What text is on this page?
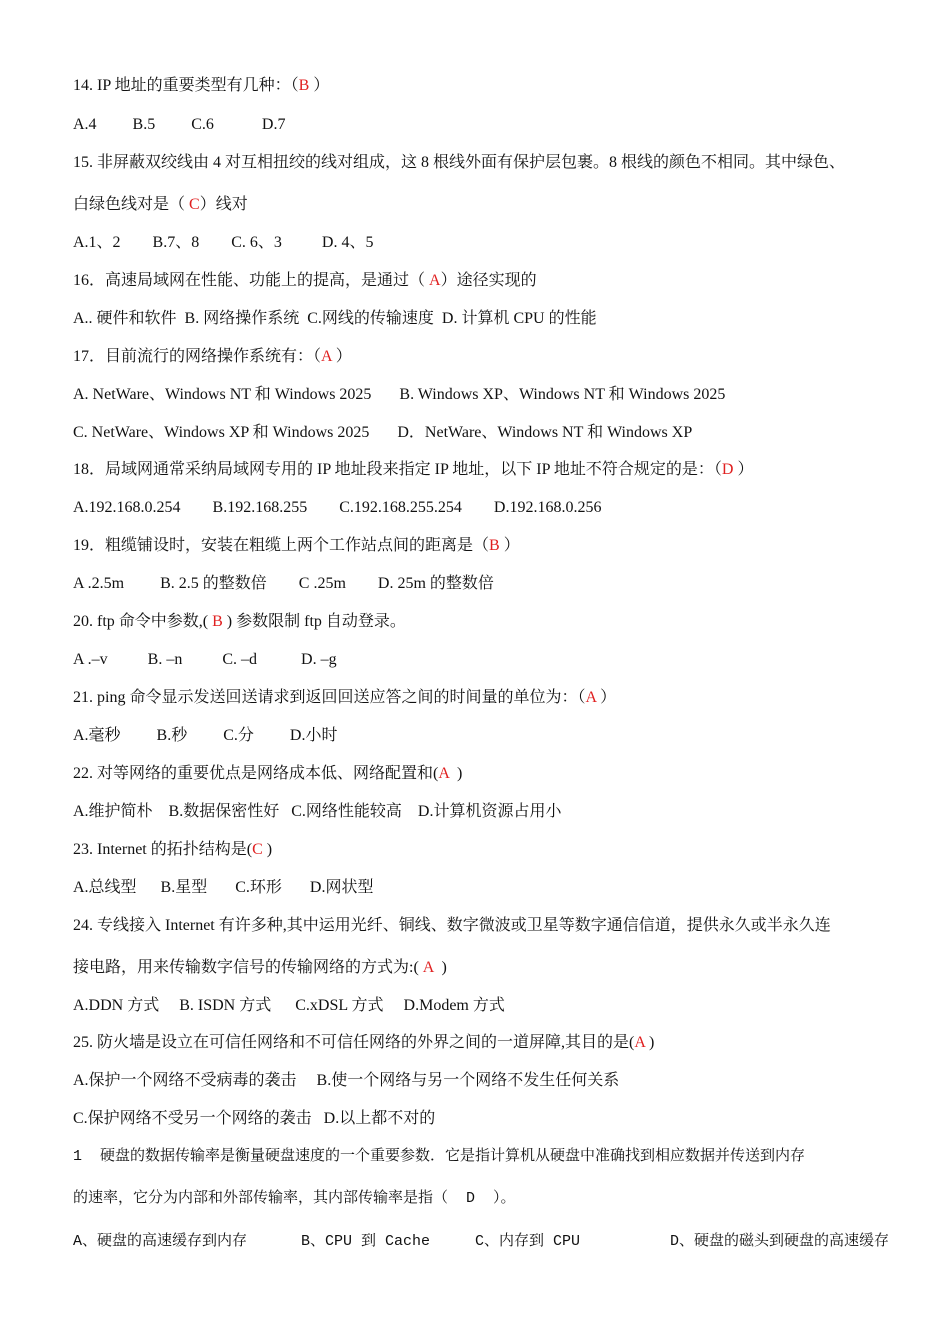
14. IP 地址的重要类型有几种：（B ）
A.4         B.5         C.6            D.7
15. 非屏蔽双绞线由 4 对互相扭绞的线对组成，这 8 根线外面有保护层包裹。8 根线的颜色不相同。其中绿色、
白绿色线对是（ C）线对
A.1、2        B.7、8        C. 6、3          D. 4、5
16．高速局域网在性能、功能上的提高，是通过（ A）途径实现的
A.. 硬件和软件  B. 网络操作系统  C.网线的传输速度  D. 计算机 CPU 的性能
17．目前流行的网络操作系统有：（A ）
A. NetWare、Windows NT 和 Windows 2025       B. Windows XP、Windows NT 和 Windows 2025
C. NetWare、Windows XP 和 Windows 2025       D．NetWare、Windows NT 和 Windows XP
18．局域网通常采纳局域网专用的 IP 地址段来指定 IP 地址，以下 IP 地址不符合规定的是：（D ）
A.192.168.0.254        B.192.168.255        C.192.168.255.254        D.192.168.0.256
19．粗缆铺设时，安装在粗缆上两个工作站点间的距离是（B ）
A .2.5m         B. 2.5 的整数倍        C .25m        D. 25m 的整数倍
20. ftp 命令中参数,( B ) 参数限制 ftp 自动登录。
A .–v          B. –n          C. –d           D. –g
21. ping 命令显示发送回送请求到返回回送应答之间的时间量的单位为：（A ）
A.毫秒         B.秒         C.分         D.小时
22. 对等网络的重要优点是网络成本低、网络配置和(A  )
A.维护简朴    B.数据保密性好   C.网络性能较高    D.计算机资源占用小
23. Internet 的拓扑结构是(C )
A.总线型      B.星型       C.环形       D.网状型
24. 专线接入 Internet 有许多种,其中运用光纤、铜线、数字微波或卫星等数字通信信道，提供永久或半永久连
接电路，用来传输数字信号的传输网络的方式为:( A  )
A.DDN 方式     B. ISDN 方式      C.xDSL 方式     D.Modem 方式
25. 防火墙是设立在可信任网络和不可信任网络的外界之间的一道屏障,其目的是(A )
A.保护一个网络不受病毒的袭击     B.使一个网络与另一个网络不发生任何关系
C.保护网络不受另一个网络的袭击   D.以上都不对的
1  硬盘的数据传输率是衡量硬盘速度的一个重要参数．它是指计算机从硬盘中准确找到相应数据并传送到内存
的速率，它分为内部和外部传输率，其内部传输率是指（  D  ）。
A、硬盘的高速缓存到内存      B、CPU 到 Cache     C、内存到 CPU          D、硬盘的磁头到硬盘的高速缓存
